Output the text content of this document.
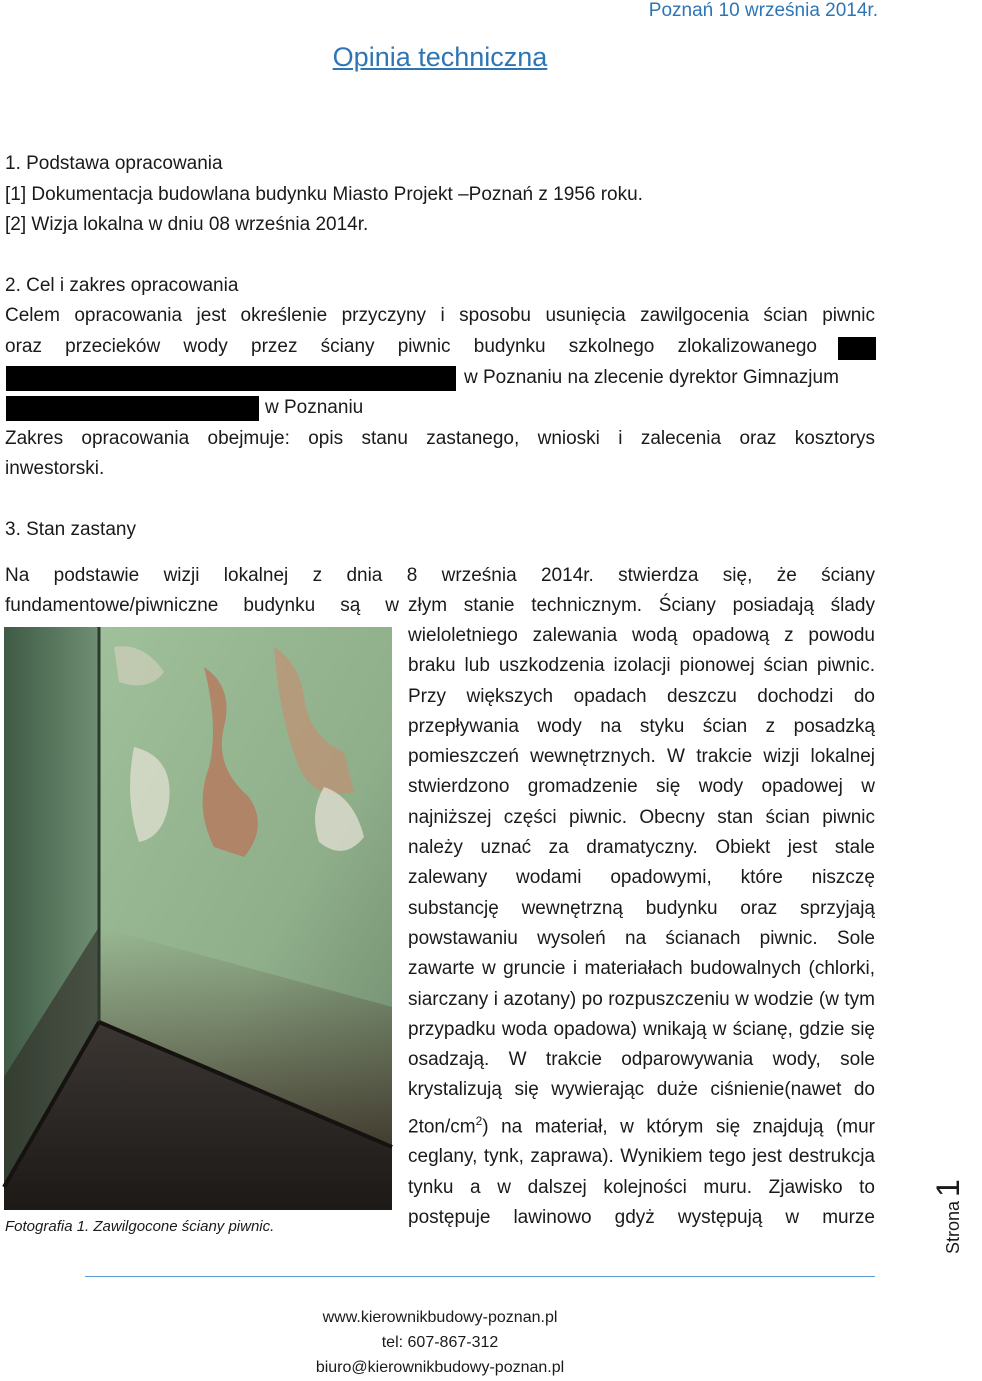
Poznań 10 września 2014r.
Opinia techniczna
1. Podstawa opracowania
[1] Dokumentacja budowlana budynku Miasto Projekt –Poznań z 1956 roku.
[2] Wizja lokalna w dniu 08 września 2014r.
2. Cel i zakres opracowania
Celem opracowania jest określenie przyczyny i sposobu usunięcia zawilgocenia ścian piwnic
oraz przecieków wody przez ściany piwnic budynku szkolnego zlokalizowanego
w Poznaniu na zlecenie dyrektor Gimnazjum
w Poznaniu
Zakres opracowania obejmuje: opis stanu zastanego, wnioski i zalecenia oraz kosztorys
inwestorski.
3. Stan zastany
Na podstawie wizji lokalnej z dnia 8 września 2014r. stwierdza się, że ściany
fundamentowe/piwniczne budynku są w złym stanie technicznym. Ściany posiadają ślady
Fotografia 1. Zawilgocone ściany piwnic.
wieloletniego zalewania wodą opadową z powodu braku lub uszkodzenia izolacji pionowej ścian piwnic. Przy większych opadach deszczu dochodzi do przepływania wody na styku ścian z posadzką pomieszczeń wewnętrznych. W trakcie wizji lokalnej stwierdzono gromadzenie się wody opadowej w najniższej części piwnic. Obecny stan ścian piwnic należy uznać za dramatyczny. Obiekt jest stale zalewany wodami opadowymi, które niszczę substancję wewnętrzną budynku oraz sprzyjają powstawaniu wysoleń na ścianach piwnic. Sole zawarte w gruncie i materiałach budowalnych (chlorki, siarczany i azotany) po rozpuszczeniu w wodzie (w tym przypadku woda opadowa) wnikają w ścianę, gdzie się osadzają. W trakcie odparowywania wody, sole krystalizują się wywierając duże ciśnienie(nawet do $2ton/cm^2$) na materiał, w którym się znajdują (mur ceglany, tynk, zaprawa). Wynikiem tego jest destrukcja tynku a w dalszej kolejności muru. Zjawisko to postępuje lawinowo gdyż występują w murze	Strona1
www.kierownikbudowy-poznan.pl
tel: 607-867-312
biuro@kierownikbudowy-poznan.pl
